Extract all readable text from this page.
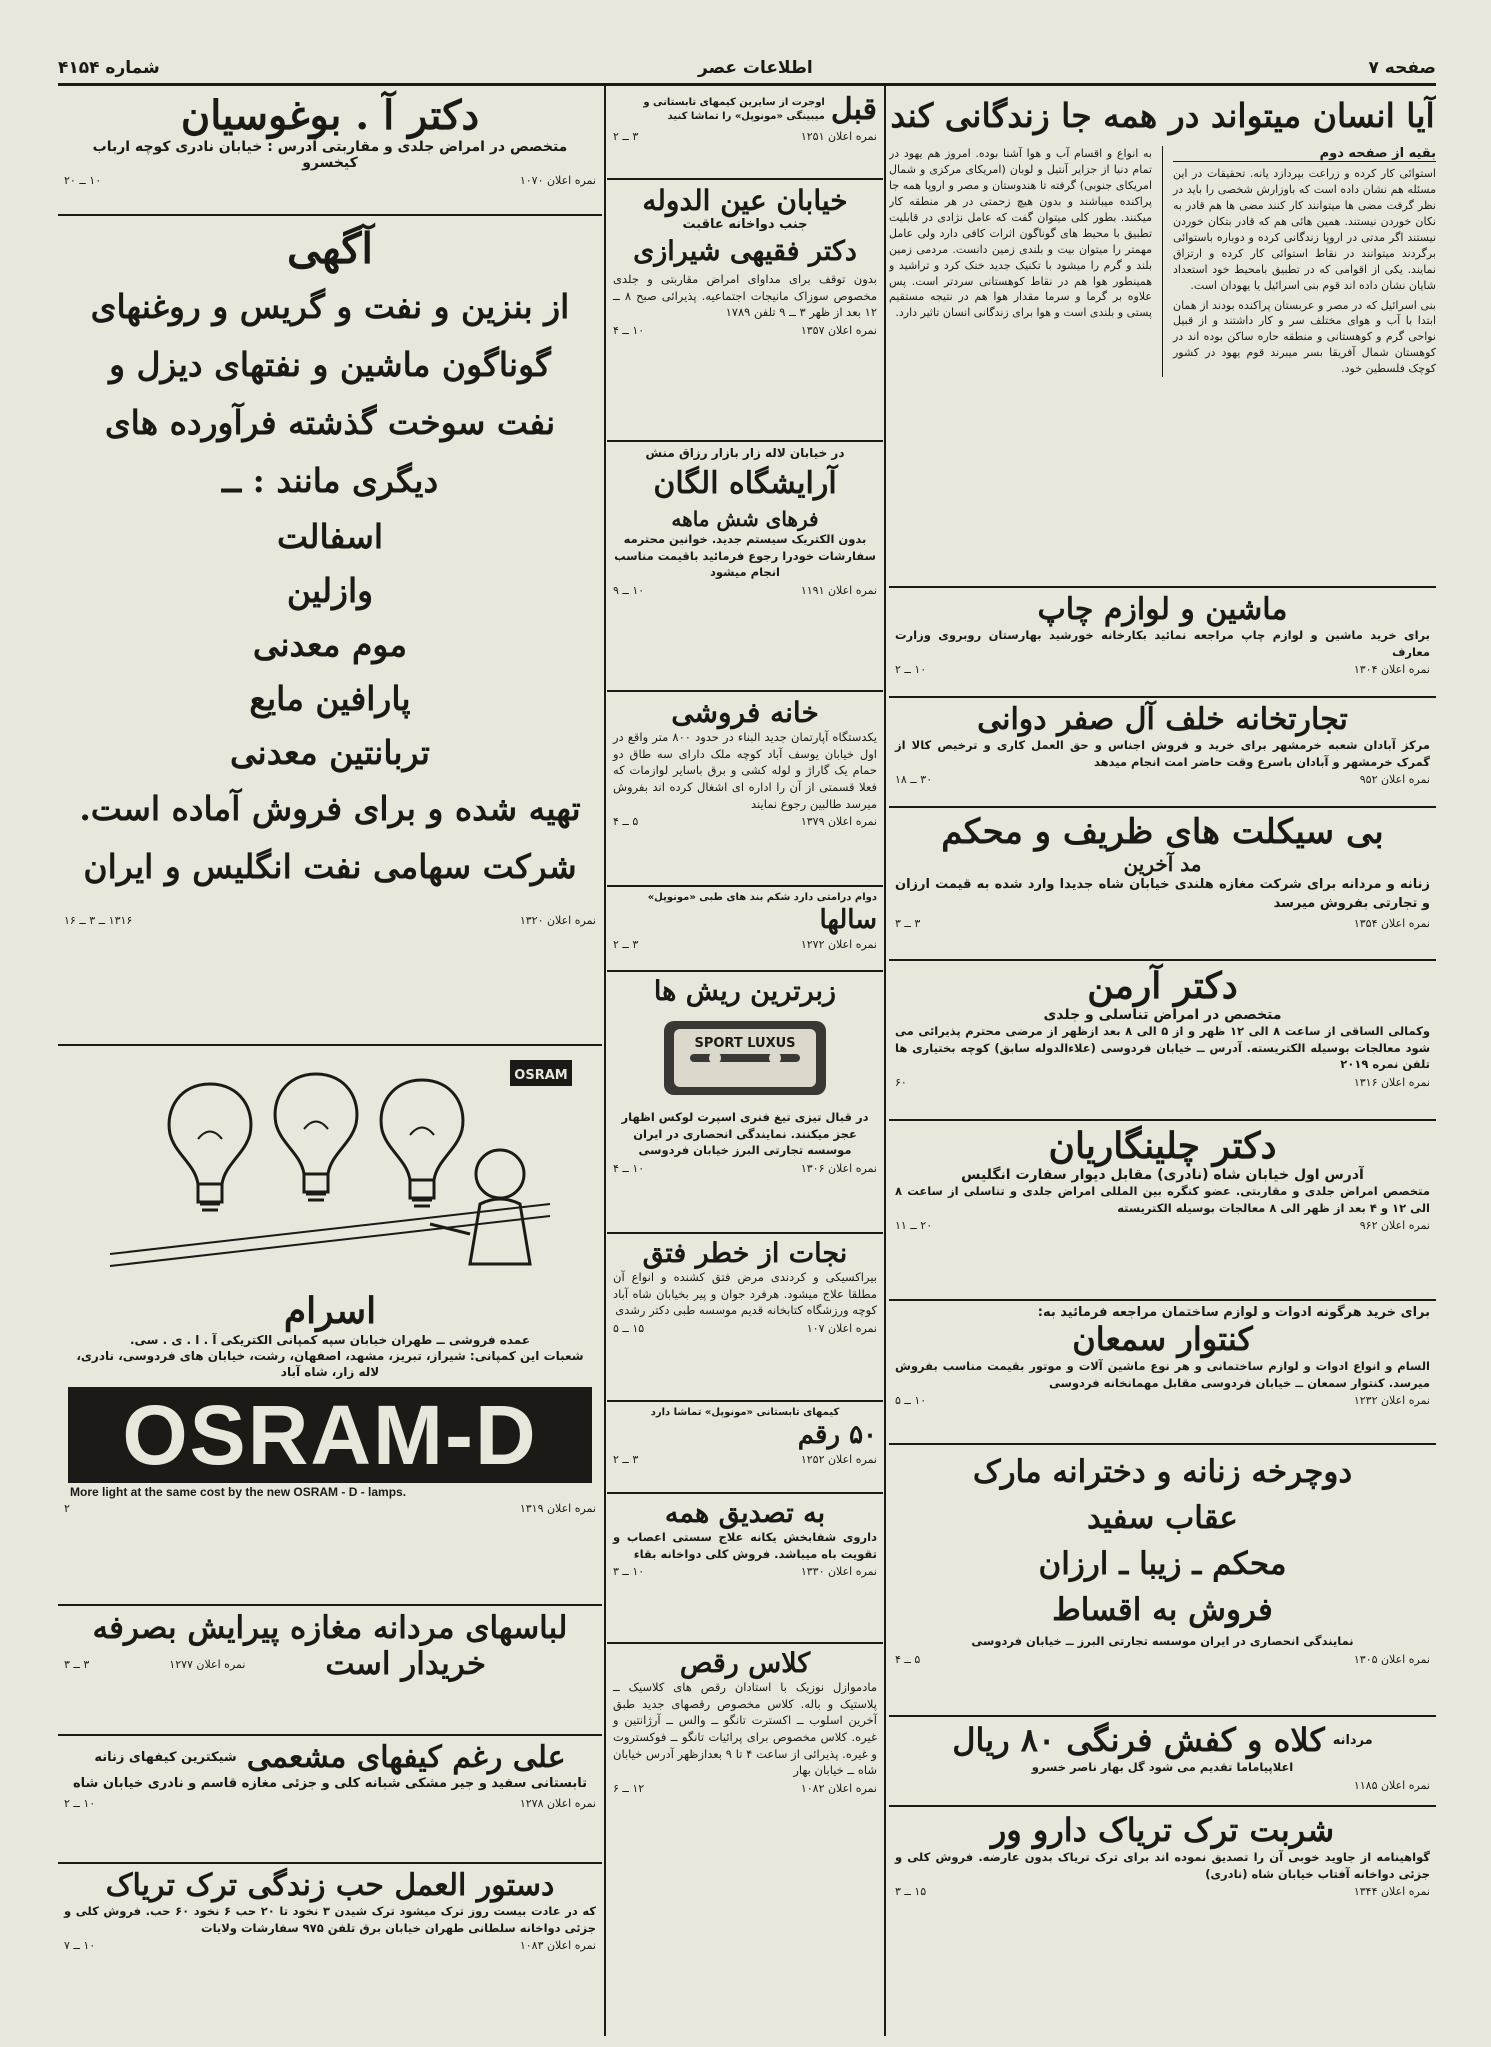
شماره ۴۱۵۴	اطلاعات عصر	صفحه ۷
آیا انسان میتواند در همه جا زندگانی کند
بقیه از صفحه دوم
استوائی کار کرده و زراعت بپردازد یانه. تحقیقات در این مسئله هم نشان داده است که باوزارش شخصی را باید در نظر گرفت مضی ها میتوانند کار کنند مضی ها هم قادر به نکان خوردن نیستند. همین هائی هم که قادر بتکان خوردن نیستند اگر مدتی در اروپا زندگانی کرده و دوباره باستوائی برگردند میتوانند در نقاط استوائی کار کرده و ارتزاق نمایند. یکی از اقوامی که در تطبیق بامحیط خود استعداد شایان نشان داده اند قوم بنی اسرائیل یا یهودان است.
بنی اسرائیل که در مصر و عربستان پراکنده بودند از همان ابتدا با آب و هوای مختلف سر و کار داشتند و از قبیل نواحی گرم و کوهستانی و منطقه حاره ساکن بوده اند در کوهستان شمال آفریقا بسر میبرند قوم یهود در کشور کوچک فلسطین خود.
به انواع و اقسام آب و هوا آشنا بوده. امروز هم یهود در تمام دنیا از جزایر آنتیل و لوبان (امریکای مرکزی و شمال امریکای جنوبی) گرفته تا هندوستان و مصر و اروپا همه جا پراکنده میباشند و بدون هیچ زحمتی در هر منطقه کار میکنند. بطور کلی میتوان گفت که عامل نژادی در قابلیت تطبیق با محیط های گوناگون اثرات کافی دارد ولی عامل مهمتر را میتوان بیت و بلندی زمین دانست. مردمی زمین بلند و گرم را میشود با تکنیک جدید خنک کرد و تراشید و همینطور هوا هم در نقاط کوهستانی سردتر است. پس علاوه بر گرما و سرما مقدار هوا هم در نتیجه مستقیم پستی و بلندی است و هوا برای زندگانی انسان تاثیر دارد.
ماشین و لوازم چاپ
برای خرید ماشین و لوازم چاپ مراجعه نمائید بکارخانه خورشید بهارستان روبروی وزارت معارف
نمره اعلان ۱۳۰۴
۱۰ ــ ۲
تجارتخانه خلف آل صفر دوانی
مرکز آبادان شعبه خرمشهر برای خرید و فروش اجناس و حق العمل کاری و ترخیص کالا از گمرک خرمشهر و آبادان باسرع وقت حاضر امت انجام میدهد
نمره اعلان ۹۵۲
۳۰ ــ ۱۸
بی سیکلت های ظریف و محکم
مد آخرین
زنانه و مردانه برای شرکت مغازه هلندی خیابان شاه جدیدا وارد شده به قیمت ارزان و تجارتی بفروش میرسد
نمره اعلان ۱۳۵۴
۳ ــ ۳
دکتر آرمن
متخصص در امراض تناسلی و جلدی
وکمالی الساقی از ساعت ۸ الی ۱۲ ظهر و از ۵ الی ۸ بعد ازظهر از مرضی محترم پذیرائی می شود معالجات بوسیله الکتریسته. آدرس ــ خیابان فردوسی (علاءالدوله سابق) کوچه بختیاری ها تلفن نمره ۲۰۱۹
نمره اعلان ۱۳۱۶
۶۰
دکتر چلینگاریان
آدرس اول خیابان شاه (نادری) مقابل دیوار سفارت انگلیس
متخصص امراض جلدی و مقاربتی. عضو کنگره بین المللی امراض جلدی و تناسلی از ساعت ۸ الی ۱۲ و ۴ بعد از ظهر الی ۸ معالجات بوسیله الکتریسته
نمره اعلان ۹۶۲
۲۰ ــ ۱۱
برای خرید هرگونه ادوات و لوازم ساختمان مراجعه فرمائید به:
کنتوار سمعان
السام و انواع ادوات و لوازم ساختمانی و هر نوع ماشین آلات و موتور بقیمت مناسب بفروش میرسد. کنتوار سمعان ــ خیابان فردوسی مقابل مهمانخانه فردوسی
نمره اعلان ۱۲۳۲
۱۰ ــ ۵
دوچرخه زنانه و دخترانه مارک
عقاب سفید
محکم ـ زیبا ـ ارزان
فروش به اقساط
نمایندگی انحصاری در ایران موسسه تجارتی البرز ــ خیابان فردوسی
نمره اعلان ۱۳۰۵
۵ ــ ۴
مردانه
کلاه و کفش فرنگی ۸۰ ریال
اعلاپیاماما تقدیم می شود گل بهار ناصر خسرو
نمره اعلان ۱۱۸۵
شربت ترک تریاک دارو ور
گواهینامه از جاوید خوبی آن را تصدیق نموده اند برای ترک تریاک بدون عارضه. فروش کلی و جزئی دواخانه آفتاب خیابان شاه (نادری)
نمره اعلان ۱۳۴۴
۱۵ ــ ۳
قبل
اوجرت از سایرین کیمهای تابستانی و میبینگی «مونوپل» را تماشا کنید
نمره اعلان ۱۲۵۱
۳ ــ ۲
خیابان عین الدوله
جنب دواخانه عاقبت
دکتر فقیهی شیرازی
بدون توقف برای مداوای امراض مقاربتی و جلدی مخصوص سوزاک مانیجات اجتماعیه. پذیرائی صبح ۸ ــ ۱۲ بعد از ظهر ۳ ــ ۹ تلفن ۱۷۸۹
نمره اعلان ۱۳۵۷
۱۰ ــ ۴
در خیابان لاله زار بازار رزاق منش
آرایشگاه الگان
فرهای شش ماهه
بدون الکتریک سیستم جدید. خوانین محترمه سفارشات خودرا رجوع فرمائید باقیمت مناسب انجام میشود
نمره اعلان ۱۱۹۱
۱۰ ــ ۹
خانه فروشی
یکدستگاه آپارتمان جدید البناء در حدود ۸۰۰ متر واقع در اول خیابان یوسف آباد کوچه ملک دارای سه طاق دو حمام یک گاراژ و لوله کشی و برق باسایر لوازمات که فعلا قسمتی از آن را اداره ای اشغال کرده اند بفروش میرسد طالبین رجوع نمایند
نمره اعلان ۱۳۷۹
۵ ــ ۴
دوام درامتی دارد شکم بند های طبی «مونوپل»
سالها
نمره اعلان ۱۲۷۲
۳ ــ ۲
زبرترین ریش ها
SPORT LUXUS
در قبال تیزی تیغ فنری اسپرت لوکس اظهار عجز میکنند. نمایندگی انحصاری در ایران موسسه تجارتی البرز خیابان فردوسی
نمره اعلان ۱۳۰۶
۱۰ ــ ۴
نجات از خطر فتق
بیراکسیکی و کردندی مرض فتق کشنده و انواع آن مطلقا علاج میشود. هرفرد جوان و پیر بخیابان شاه آباد کوچه ورزشگاه کتابخانه قدیم موسسه طبی دکتر رشدی
نمره اعلان ۱۰۷
۱۵ ــ ۵
کیمهای تابستانی «مونوپل» تماشا دارد
۵۰ رقم
نمره اعلان ۱۲۵۲
۳ ــ ۲
به تصدیق همه
داروی شفابخش یکانه علاج سستی اعصاب و تقویت باه میباشد. فروش کلی دواخانه بقاء
نمره اعلان ۱۳۳۰
۱۰ ــ ۳
کلاس رقص
مادموازل نوزیک با استادان رقص های کلاسیک ــ پلاستیک و باله. کلاس مخصوص رقصهای جدید طبق آخرین اسلوب ــ اکسترت تانگو ــ والس ــ آرژانتین و غیره. کلاس مخصوص برای پرائیات تانگو ــ فوکستروت و غیره. پذیرائی از ساعت ۴ تا ۹ بعدازظهر آدرس خیابان شاه ــ خیابان بهار
نمره اعلان ۱۰۸۲
۱۲ ــ ۶
دکتر آ . بوغوسیان
متخصص در امراض جلدی و مقاربتی آدرس : خیابان نادری کوچه ارباب کیخسرو
نمره اعلان ۱۰۷۰
۱۰ ــ ۲۰
آگهی
از بنزین و نفت و گریس و روغنهای
گوناگون ماشین و نفتهای دیزل و
نفت سوخت گذشته فرآورده های
دیگری مانند : ــ
اسفالت
وازلین
موم معدنی
پارافین مایع
تربانتین معدنی
تهیه شده و برای فروش آماده است.
شرکت سهامی نفت انگلیس و ایران
نمره اعلان ۱۳۲۰
۱۳۱۶ ــ ۳ ــ ۱۶
OSRAM
اسرام
عمده فروشی ــ طهران خیابان سپه کمپانی الکتریکی آ . ا . ی . سی.
شعبات این کمپانی: شیراز، تبریز، مشهد، اصفهان، رشت، خیابان های فردوسی، نادری، لاله زار، شاه آباد
OSRAM-D
More light at the same cost by the new OSRAM - D - lamps.
نمره اعلان ۱۳۱۹
۲
لباسهای مردانه مغازه پیرایش بصرفه
خریدار است
نمره اعلان ۱۲۷۷
۳ ــ ۳
علی رغم کیفهای مشعمی
شیکترین کیفهای زنانه
تابستانی سفید و جیر مشکی شبانه کلی و جزئی مغازه قاسم و نادری خیابان شاه
نمره اعلان ۱۲۷۸
۱۰ ــ ۲
دستور العمل حب زندگی ترک تریاک
که در عادت بیست روز ترک میشود ترک شیدن ۳ نخود تا ۲۰ حب ۶ نخود ۶۰ حب. فروش کلی و جزئی دواخانه سلطانی طهران خیابان برق تلفن ۹۷۵ سفارشات ولایات
نمره اعلان ۱۰۸۳
۱۰ ــ ۷
